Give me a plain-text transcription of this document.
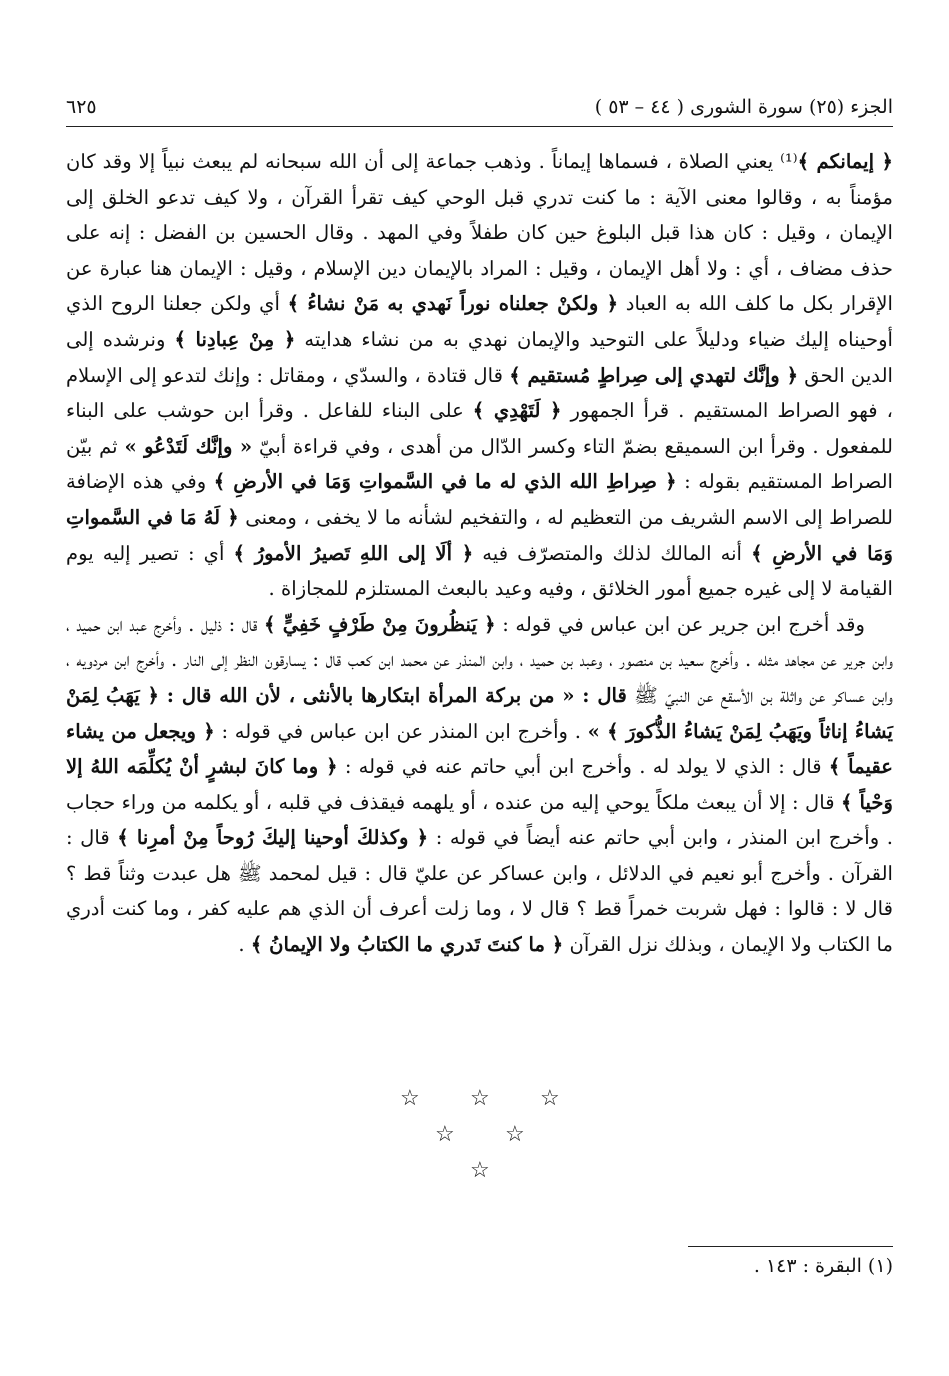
الجزء (٢٥) سورة الشورى ( ٤٤ – ٥٣ )
٦٢٥

﴿ إيمانكم ﴾⁽¹⁾ يعني الصلاة ، فسماها إيماناً . وذهب جماعة إلى أن الله سبحانه لم يبعث نبياً إلا وقد كان مؤمناً به ، وقالوا معنى الآية : ما كنت تدري قبل الوحي كيف تقرأ القرآن ، ولا كيف تدعو الخلق إلى الإيمان ، وقيل : كان هذا قبل البلوغ حين كان طفلاً وفي المهد . وقال الحسين بن الفضل : إنه على حذف مضاف ، أي : ولا أهل الإيمان ، وقيل : المراد بالإيمان دين الإسلام ، وقيل : الإيمان هنا عبارة عن الإقرار بكل ما كلف الله به العباد ﴿ ولكنْ جعلناه نوراً نَهدي به مَنْ نشاءُ ﴾ أي ولكن جعلنا الروح الذي أوحيناه إليك ضياء ودليلاً على التوحيد والإيمان نهدي به من نشاء هدايته ﴿ مِنْ عِبادِنا ﴾ ونرشده إلى الدين الحق ﴿ وإنَّك لتهدي إلى صِراطٍ مُستقيم ﴾ قال قتادة ، والسدّي ، ومقاتل : وإنك لتدعو إلى الإسلام ، فهو الصراط المستقيم . قرأ الجمهور ﴿ لَتَهْدِي ﴾ على البناء للفاعل . وقرأ ابن حوشب على البناء للمفعول . وقرأ ابن السميقع بضمّ التاء وكسر الدّال من أهدى ، وفي قراءة أبيّ « وإنَّك لَتَدْعُو » ثم بيّن الصراط المستقيم بقوله : ﴿ صِراطِ الله الذي له ما في السَّمواتِ وَمَا في الأرضِ ﴾ وفي هذه الإضافة للصراط إلى الاسم الشريف من التعظيم له ، والتفخيم لشأنه ما لا يخفى ، ومعنى ﴿ لَهُ مَا في السَّمواتِ وَمَا في الأرضِ ﴾ أنه المالك لذلك والمتصرّف فيه ﴿ ألَا إلى اللهِ تَصيرُ الأمورُ ﴾ أي : تصير إليه يوم القيامة لا إلى غيره جميع أمور الخلائق ، وفيه وعيد بالبعث المستلزم للمجازاة .

وقد أخرج ابن جرير عن ابن عباس في قوله : ﴿ يَنظُرونَ مِنْ طَرْفٍ خَفِيٍّ ﴾ قال : ذليل . وأخرج عبد ابن حميد ، وابن جرير عن مجاهد مثله . وأخرج سعيد بن منصور ، وعبد بن حميد ، وابن المنذر عن محمد ابن كعب قال : يسارقون النظر إلى النار . وأخرج ابن مردويه ، وابن عساكر عن واثلة بن الأسقع عن النبيّ ﷺ قال : « من بركة المرأة ابتكارها بالأنثى ، لأن الله قال : ﴿ يَهَبُ لِمَنْ يَشاءُ إناثاً ويَهَبُ لِمَنْ يَشاءُ الذُّكورَ ﴾ » . وأخرج ابن المنذر عن ابن عباس في قوله : ﴿ ويجعل من يشاء عقيماً ﴾ قال : الذي لا يولد له . وأخرج ابن أبي حاتم عنه في قوله : ﴿ وما كانَ لبشرٍ أنْ يُكلِّمَه اللهُ إلا وَحْياً ﴾ قال : إلا أن يبعث ملكاً يوحي إليه من عنده ، أو يلهمه فيقذف في قلبه ، أو يكلمه من وراء حجاب . وأخرج ابن المنذر ، وابن أبي حاتم عنه أيضاً في قوله : ﴿ وكذلكَ أوحينا إليكَ رُوحاً مِنْ أمرِنا ﴾ قال : القرآن . وأخرج أبو نعيم في الدلائل ، وابن عساكر عن عليّ قال : قيل لمحمد ﷺ هل عبدت وثناً قط ؟ قال لا : قالوا : فهل شربت خمراً قط ؟ قال لا ، وما زلت أعرف أن الذي هم عليه كفر ، وما كنت أدري ما الكتاب ولا الإيمان ، وبذلك نزل القرآن ﴿ ما كنتَ تَدري ما الكتابُ ولا الإيمانُ ﴾ .

☆ ☆ ☆
☆ ☆
☆
(١) البقرة : ١٤٣ .
